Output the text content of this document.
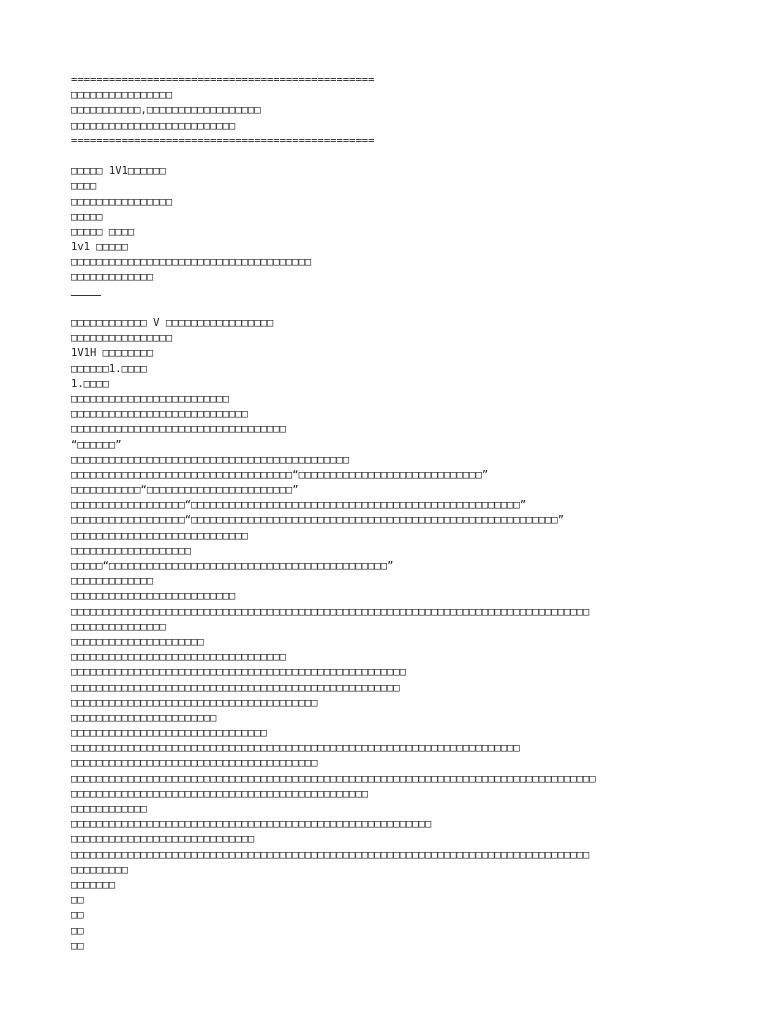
================================================
□□□□□□□□□□□□□□□□
□□□□□□□□□□□,□□□□□□□□□□□□□□□□□□
□□□□□□□□□□□□□□□□□□□□□□□□□□
================================================
□□□□□ 1V1□□□□□□
□□□□
□□□□□□□□□□□□□□□□
□□□□□
□□□□□ □□□□
1v1 □□□□□
□□□□□□□□□□□□□□□□□□□□□□□□□□□□□□□□□□□□□□
□□□□□□□□□□□□□
□□□□□□□□□□□□ V □□□□□□□□□□□□□□□□□
□□□□□□□□□□□□□□□□
1V1H □□□□□□□□
□□□□□□1.□□□□
1.□□□□
□□□□□□□□□□□□□□□□□□□□□□□□□
□□□□□□□□□□□□□□□□□□□□□□□□□□□□
□□□□□□□□□□□□□□□□□□□□□□□□□□□□□□□□□□
“□□□□□□”
□□□□□□□□□□□□□□□□□□□□□□□□□□□□□□□□□□□□□□□□□□□□
□□□□□□□□□□□□□□□□□□□□□□□□□□□□□□□□□□□“□□□□□□□□□□□□□□□□□□□□□□□□□□□□□”
□□□□□□□□□□□“□□□□□□□□□□□□□□□□□□□□□□□”
□□□□□□□□□□□□□□□□□□“□□□□□□□□□□□□□□□□□□□□□□□□□□□□□□□□□□□□□□□□□□□□□□□□□□□□”
□□□□□□□□□□□□□□□□□□“□□□□□□□□□□□□□□□□□□□□□□□□□□□□□□□□□□□□□□□□□□□□□□□□□□□□□□□□□□”
□□□□□□□□□□□□□□□□□□□□□□□□□□□□
□□□□□□□□□□□□□□□□□□□
□□□□□“□□□□□□□□□□□□□□□□□□□□□□□□□□□□□□□□□□□□□□□□□□□□”
□□□□□□□□□□□□□
□□□□□□□□□□□□□□□□□□□□□□□□□□
□□□□□□□□□□□□□□□□□□□□□□□□□□□□□□□□□□□□□□□□□□□□□□□□□□□□□□□□□□□□□□□□□□□□□□□□□□□□□□□□□□
□□□□□□□□□□□□□□□
□□□□□□□□□□□□□□□□□□□□□
□□□□□□□□□□□□□□□□□□□□□□□□□□□□□□□□□□
□□□□□□□□□□□□□□□□□□□□□□□□□□□□□□□□□□□□□□□□□□□□□□□□□□□□□
□□□□□□□□□□□□□□□□□□□□□□□□□□□□□□□□□□□□□□□□□□□□□□□□□□□□
□□□□□□□□□□□□□□□□□□□□□□□□□□□□□□□□□□□□□□□
□□□□□□□□□□□□□□□□□□□□□□□
□□□□□□□□□□□□□□□□□□□□□□□□□□□□□□□
□□□□□□□□□□□□□□□□□□□□□□□□□□□□□□□□□□□□□□□□□□□□□□□□□□□□□□□□□□□□□□□□□□□□□□□
□□□□□□□□□□□□□□□□□□□□□□□□□□□□□□□□□□□□□□□
□□□□□□□□□□□□□□□□□□□□□□□□□□□□□□□□□□□□□□□□□□□□□□□□□□□□□□□□□□□□□□□□□□□□□□□□□□□□□□□□□□□
□□□□□□□□□□□□□□□□□□□□□□□□□□□□□□□□□□□□□□□□□□□□□□□
□□□□□□□□□□□□
□□□□□□□□□□□□□□□□□□□□□□□□□□□□□□□□□□□□□□□□□□□□□□□□□□□□□□□□□
□□□□□□□□□□□□□□□□□□□□□□□□□□□□□
□□□□□□□□□□□□□□□□□□□□□□□□□□□□□□□□□□□□□□□□□□□□□□□□□□□□□□□□□□□□□□□□□□□□□□□□□□□□□□□□□□
□□□□□□□□□
□□□□□□□
□□
□□
□□
□□
